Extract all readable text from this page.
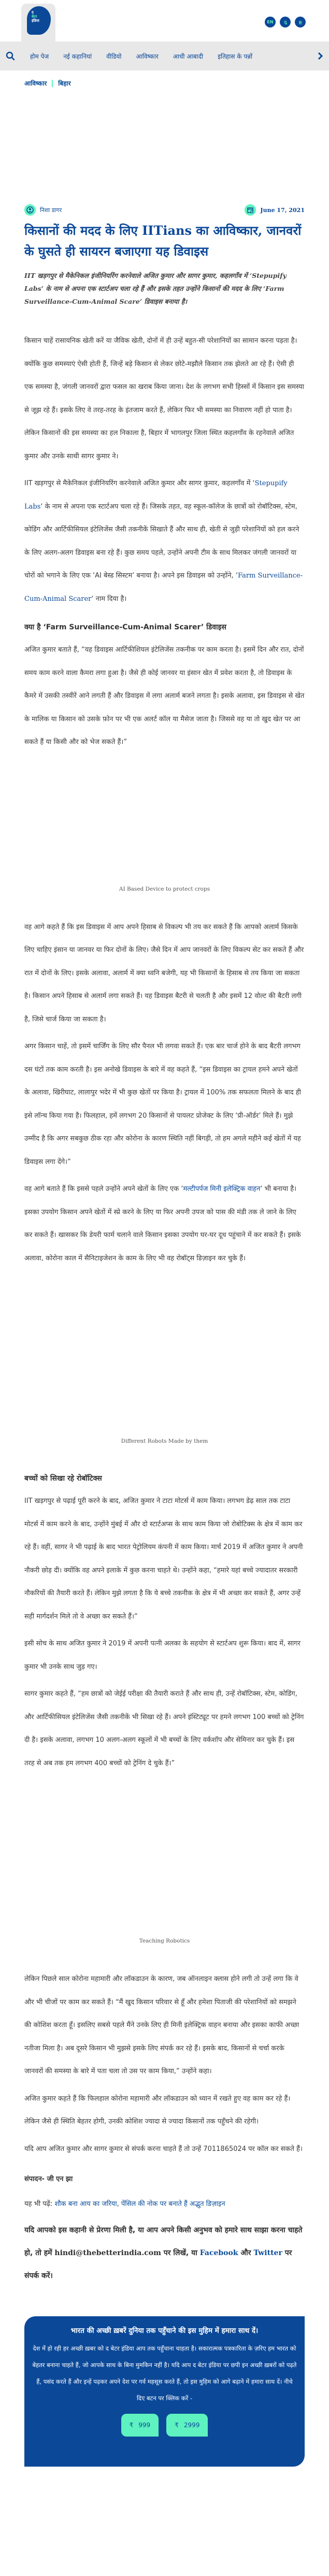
द
बेटर
इंडिया	EN	ગુ	ഉ
होम पेज नई कहानियां वीडियो आविष्कार आधी आबादी इतिहास के पन्नों
आविष्कार बिहार
निशा डागर	June 17, 2021
किसानों की मदद के लिए IITians का आविष्कार, जानवरों के घुसते ही सायरन बजाएगा यह डिवाइस

IIT खड़गपुर से मैकेनिकल इंजीनियरिंग करनेवाले अजित कुमार और सागर कुमार, कहलगाँव में ‘Stepupify Labs’ के नाम से अपना एक स्टार्टअप चला रहे हैं और इसके तहत उन्होंने किसानों की मदद के लिए ‘Farm Surveillance-Cum-Animal Scare’ डिवाइस बनाया है।

किसान चाहें रासायनिक खेती करें या जैविक खेती, दोनों में ही उन्हें बहुत-सी परेशानियों का सामान करना पड़ता है। क्योंकि कुछ समस्याएं ऐसी होती हैं, जिन्हें बड़े किसान से लेकर छोटे-मझौले किसान तक झेलते आ रहे हैं। ऐसी ही एक समस्या है, जंगली जानवरों द्वारा फसल का खराब किया जाना। देश के लगभग सभी हिस्सों में किसान इस समस्या से जूझ रहे हैं। इसके लिए वे तरह-तरह के इंतजाम करते हैं, लेकिन फिर भी समस्या का निवारण नहीं हो पाता है। लेकिन किसानों की इस समस्या का हल निकाला है, बिहार में भागलपुर जिला स्थित कहलगाँव के रहनेवाले अजित कुमार और उनके साथी सागर कुमार ने।

IIT खड़गपुर से मैकेनिकल इंजीनियरिंग करनेवाले अजित कुमार और सागर कुमार, कहलगाँव में ‘Stepupify Labs‘ के नाम से अपना एक स्टार्टअप चला रहे हैं। जिसके तहत, वह स्कूल-कॉलेज के छात्रों को रोबॉटिक्स, स्टेम, कोडिंग और आर्टिफीसियल इंटेलिजेंस जैसी तकनीकें सिखाते हैं और साथ ही, खेती से जुड़ी परेशानियों को हल करने के लिए अलग-अलग डिवाइस बना रहे हैं। कुछ समय पहले, उन्होंने अपनी टीम के साथ मिलकर जंगली जानवरों या चोरों को भगाने के लिए एक ‘AI बेस्ड सिस्टम’ बनाया है। अपने इस डिवाइस को उन्होंने, ‘Farm Surveillance-Cum-Animal Scarer‘ नाम दिया है।

क्या है ‘Farm Surveillance-Cum-Animal Scarer’ डिवाइस

अजित कुमार बताते हैं, “यह डिवाइस आर्टिफीशियल इंटेलिजेंस तकनीक पर काम करता है। इसमें दिन और रात, दोनों समय काम करने वाला कैमरा लगा हुआ है। जैसे ही कोई जानवर या इंसान खेत में प्रवेश करता है, तो डिवाइस के कैमरे में उसकी तस्वीरें आने लगती हैं और डिवाइस में लगा अलार्म बजने लगता है। इसके अलावा, इस डिवाइस से खेत के मालिक या किसान को उसके फ़ोन पर भी एक अलर्ट कॉल या मैसेज जाता है। जिससे वह या तो खुद खेत पर आ सकते हैं या किसी और को भेज सकते हैं।”

AI Based Device to protect crops

वह आगे कहते हैं कि इस डिवाइस में आप अपने हिसाब से विकल्प भी तय कर सकते हैं कि आपको अलार्म किसके लिए चाहिए इंसान या जानवर या फिर दोनों के लिए। जैसे दिन में आप जानवरों के लिए विकल्प सेट कर सकते हैं और रात में दोनों के लिए। इसके अलावा, अलार्म में क्या ध्वनि बजेगी, यह भी किसानों के हिसाब से तय किया जा सकता है। किसान अपने हिसाब से अलार्म लगा सकते हैं। यह डिवाइस बैटरी से चलती है और इसमें 12 वोल्ट की बैटरी लगी है, जिसे चार्ज किया जा सकता है।

अगर किसान चाहें, तो इसमें चार्जिंग के लिए सौर पैनल भी लगवा सकते हैं। एक बार चार्ज होने के बाद बैटरी लगभग दस घंटों तक काम करती है। इस अनोखे डिवाइस के बारे में वह कहते हैं, “इस डिवाइस का ट्रायल हमने अपने खेतों के अलावा, खिरीघाट, लालापुर भदेर में भी कुछ खेतों पर किया है। ट्रायल में 100% तक सफलता मिलने के बाद ही इसे लॉन्च किया गया है। फिलहाल, हमें लगभग 20 किसानों से पायलट प्रोजेक्ट के लिए ‘प्री-ऑर्डर’ मिले हैं। मुझे उम्मीद है कि अगर सबकुछ ठीक रहा और कोरोना के कारण स्थिति नहीं बिगड़ी, तो हम अगले महीने कई खेतों में यह डिवाइस लगा देंगे।”

वह आगे बताते हैं कि इससे पहले उन्होंने अपने खेतों के लिए एक ‘मल्टीपर्पज मिनी इलेक्ट्रिक वाहन‘ भी बनाया है। इसका उपयोग किसान अपने खेतों में स्प्रे करने के लिए या फिर अपनी उपज को पास की मंडी तक ले जाने के लिए कर सकते हैं। खासकर कि डेयरी फार्म चलाने वाले किसान इसका उपयोग घर-घर दूध पहुंचाने में कर सकते हैं। इसके अलावा, कोरोना काल में सैनिटाइजेशन के काम के लिए भी वह रोबॉट्स डिज़ाइन कर चुके हैं।

Different Robots Made by them

बच्चों को सिखा रहे रोबॉटिक्स

IIT खड़गपुर से पढ़ाई पूरी करने के बाद, अजित कुमार ने टाटा मोटर्स में काम किया। लगभग डेढ़ साल तक टाटा मोटर्स में काम करने के बाद, उन्होंने मुंबई में और दो स्टार्टअप्स के साथ काम किया जो रोबोटिक्स के क्षेत्र में काम कर रहे हैं। वहीं, सागर ने भी पढ़ाई के बाद भारत पेट्रोलियम कंपनी में काम किया। मार्च 2019 में अजित कुमार ने अपनी नौकरी छोड़ दी। क्योंकि वह अपने इलाके में कुछ करना चाहते थे। उन्होंने कहा, “हमारे यहां बच्चे ज्यादातर सरकारी नौकरियों की तैयारी करते हैं। लेकिन मुझे लगता है कि ये बच्चे तकनीक के क्षेत्र में भी अच्छा कर सकते हैं, अगर उन्हें सही मार्गदर्शन मिले तो वे अच्छा कर सकते हैं।”

इसी सोच के साथ अजित कुमार ने 2019 में अपनी पत्नी अलका के सहयोग से स्टार्टअप शुरू किया। बाद में, सागर कुमार भी उनके साथ जुड़ गए।

सागर कुमार कहते हैं, “हम छात्रों को जेईई परीक्षा की तैयारी कराते हैं और साथ ही, उन्हें रोबॉटिक्स, स्टेम, कोडिंग, और आर्टिफीसियल इंटेलिजेंस जैसी तकनीकें भी सिखा रहे हैं। अपने इंस्टिट्यूट पर हमने लगभग 100 बच्चों को ट्रेनिंग दी है। इसके अलावा, लगभग 10 अलग-अलग स्कूलों में भी बच्चों के लिए वर्कशॉप और सेमिनार कर चुके हैं। इस तरह से अब तक हम लगभग 400 बच्चों को ट्रेनिंग दे चुके हैं।”

Teaching Robotics

लेकिन पिछले साल कोरोना महामारी और लॉकडाउन के कारण, जब ऑनलाइन क्लास होने लगी तो उन्हें लगा कि वे और भी चीजों पर काम कर सकते हैं। “मैं खुद किसान परिवार से हूँ और हमेशा पिताजी की परेशानियों को समझने की कोशिश करता हूँ। इसलिए सबसे पहले मैंने उनके लिए ही मिनी इलेक्ट्रिक वाहन बनाया और इसका काफी अच्छा नतीजा मिला है। अब दूसरे किसान भी मुझसे इसके लिए संपर्क कर रहे हैं। इसके बाद, किसानों से चर्चा करके जानवरों की समस्या के बारे में पता चला तो उस पर काम किया,” उन्होंने कहा।

अजित कुमार कहते हैं कि फिलहाल कोरोना महामारी और लॉकडाउन को ध्यान में रखते हुए वह काम कर रहे हैं। लेकिन जैसे ही स्थिति बेहतर होगी, उनकी कोशिश ज्यादा से ज्यादा किसानों तक पहुँचने की रहेगी।

यदि आप अजित कुमार और सागर कुमार से संपर्क करना चाहते हैं तो उन्हें 7011865024 पर कॉल कर सकते हैं।

संपादन- जी एन झा

यह भी पढ़ें: शौक बना आय का जरिया, पेंसिल की नोक पर बनाते हैं अद्भुत डिज़ाइन

यदि आपको इस कहानी से प्रेरणा मिली है, या आप अपने किसी अनुभव को हमारे साथ साझा करना चाहते हो, तो हमें hindi@thebetterindia.com पर लिखें, या Facebook और Twitter पर संपर्क करें।

भारत की अच्छी ख़बरें दुनिया तक पहुँचाने की इस मुहिम में हमारा साथ दें।

देश में हो रही हर अच्छी ख़बर को द बेटर इंडिया आप तक पहुँचाना चाहता है। सकारात्मक पत्रकारिता के ज़रिए हम भारत को बेहतर बनाना चाहते हैं, जो आपके साथ के बिना मुमकिन नहीं है। यदि आप द बेटर इंडिया पर छपी इन अच्छी ख़बरों को पढ़ते हैं, पसंद करते हैं और इन्हें पढ़कर अपने देश पर गर्व महसूस करते हैं, तो इस मुहिम को आगे बढ़ाने में हमारा साथ दें। नीचे दिए बटन पर क्लिक करें -

₹ 999	₹ 2999
